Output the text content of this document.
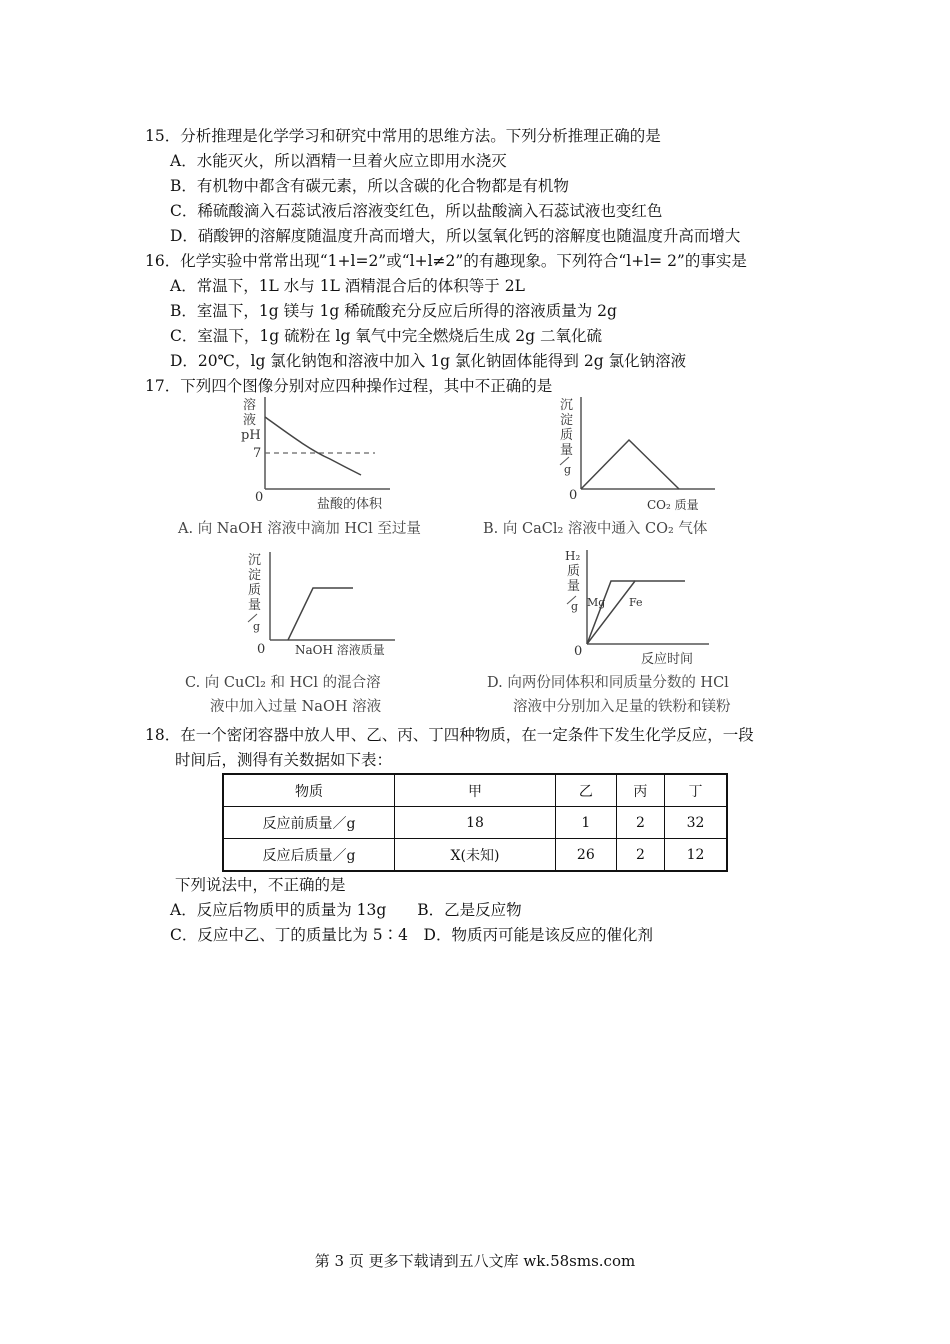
15．分析推理是化学学习和研究中常用的思维方法。下列分析推理正确的是
A．水能灭火，所以酒精一旦着火应立即用水浇灭
B．有机物中都含有碳元素，所以含碳的化合物都是有机物
C．稀硫酸滴入石蕊试液后溶液变红色，所以盐酸滴入石蕊试液也变红色
D．硝酸钾的溶解度随温度升高而增大，所以氢氧化钙的溶解度也随温度升高而增大
16．化学实验中常常出现“1+l=2”或“l+l≠2”的有趣现象。下列符合“l+l= 2”的事实是
A．常温下，1L 水与 1L 酒精混合后的体积等于 2L
B．室温下，1g 镁与 1g 稀硫酸充分反应后所得的溶液质量为 2g
C．室温下，1g 硫粉在 lg 氧气中完全燃烧后生成 2g 二氧化硫
D．20℃，lg 氯化钠饱和溶液中加入 1g 氯化钠固体能得到 2g 氯化钠溶液
17．下列四个图像分别对应四种操作过程，其中不正确的是
溶
液
pH
7
0	盐酸的体积
A. 向 NaOH 溶液中滴加 HCl 至过量
沉
淀
质
量
g
0
CO₂ 质量
B. 向 CaCl₂ 溶液中通入 CO₂ 气体
沉
淀
质
量
g
0 NaOH 溶液质量
C. 向 CuCl₂ 和 HCl 的混合溶
液中加入过量 NaOH 溶液
H₂
质
量
g Mg Fe
0
反应时间
D. 向两份同体积和同质量分数的 HCl
溶液中分别加入足量的铁粉和镁粉
18．在一个密闭容器中放人甲、乙、丙、丁四种物质，在一定条件下发生化学反应，一段
时间后，测得有关数据如下表：
物质	甲	乙	丙	丁
反应前质量／g	18	1	2	32
反应后质量／g	X(未知)	26	2	12
下列说法中，不正确的是
A．反应后物质甲的质量为 13g　　B．乙是反应物
C．反应中乙、丁的质量比为 5∶4　D．物质丙可能是该反应的催化剂
第 3 页 更多下载请到五八文库 wk.58sms.com
